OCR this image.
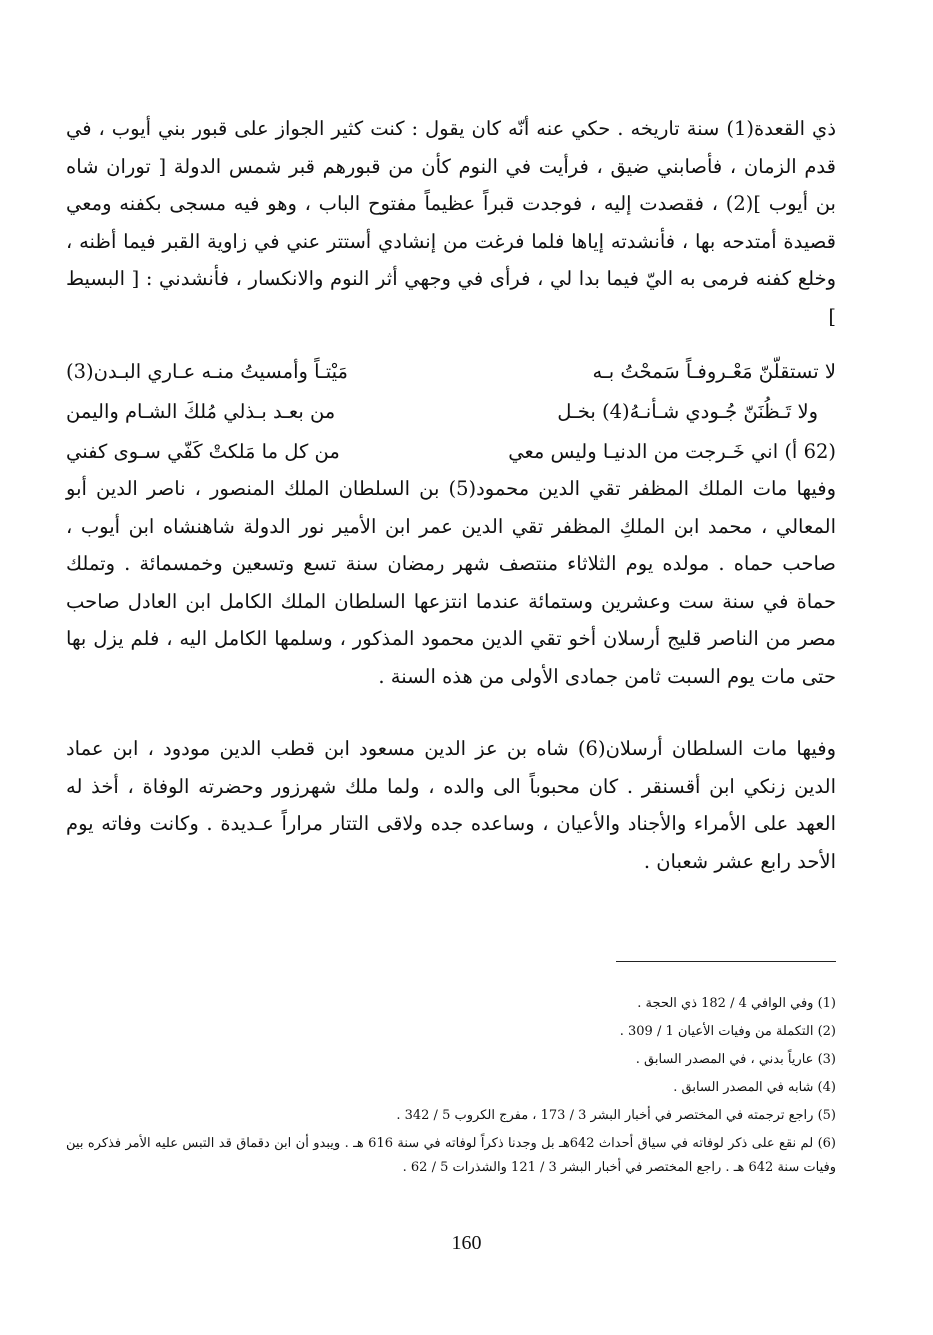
ذي القعدة(1) سنة تاريخه . حكي عنه أنّه كان يقول : كنت كثير الجواز على قبور بني أيوب ، في قدم الزمان ، فأصابني ضيق ، فرأيت في النوم كأن من قبورهم قبر شمس الدولة [ توران شاه بن أيوب ](2) ، فقصدت إليه ، فوجدت قبراً عظيماً مفتوح الباب ، وهو فيه مسجى بكفنه ومعي قصيدة أمتدحه بها ، فأنشدته إياها فلما فرغت من إنشادي أستتر عني في زاوية القبر فيما أظنه ، وخلع كفنه فرمى به اليّ فيما بدا لي ، فرأى في وجهي أثر النوم والانكسار ، فأنشدني : [ البسيط ]
لا تستقلّنّ مَعْـروفـاً سَمحْتُ بـه
مَيْتـاً وأمسيتُ منـه عـاري البـدن(3)
ولا تَـظُنَنّ جُـودي شـأنـهُ(4) بخـل
من بعـد بـذلي مُلكَ الشـام واليمن
(62 أ) اني خَـرجت من الدنيـا وليس معي
من كل ما مَلكتْ كَفّي سـوى كفني
وفيها مات الملك المظفر تقي الدين محمود(5) بن السلطان الملك المنصور ، ناصر الدين أبو المعالي ، محمد ابن الملكِ المظفر تقي الدين عمر ابن الأمير نور الدولة شاهنشاه ابن أيوب ، صاحب حماه . مولده يوم الثلاثاء منتصف شهر رمضان سنة تسع وتسعين وخمسمائة . وتملك حماة في سنة ست وعشرين وستمائة عندما انتزعها السلطان الملك الكامل ابن العادل صاحب مصر من الناصر قليج أرسلان أخو تقي الدين محمود المذكور ، وسلمها الكامل اليه ، فلم يزل بها حتى مات يوم السبت ثامن جمادى الأولى من هذه السنة .
وفيها مات السلطان أرسلان(6) شاه بن عز الدين مسعود ابن قطب الدين مودود ، ابن عماد الدين زنكي ابن أقسنقر . كان محبوباً الى والده ، ولما ملك شهرزور وحضرته الوفاة ، أخذ له العهد على الأمراء والأجناد والأعيان ، وساعده جده ولاقى التتار مراراً عـديدة . وكانت وفاته يوم الأحد رابع عشر شعبان .
(1) وفي الوافي 4 / 182 ذي الحجة .
(2) التكملة من وفيات الأعيان 1 / 309 .
(3) عارياً بدني ، في المصدر السابق .
(4) شابه في المصدر السابق .
(5) راجع ترجمته في المختصر في أخبار البشر 3 / 173 ، مفرج الكروب 5 / 342 .
(6) لم نقع على ذكر لوفاته في سياق أحداث 642هـ بل وجدنا ذكراً لوفاته في سنة 616 هـ . ويبدو أن ابن دقماق قد التبس عليه الأمر فذكره بين وفيات سنة 642 هـ . راجع المختصر في أخبار البشر 3 / 121 والشذرات 5 / 62 .
160
